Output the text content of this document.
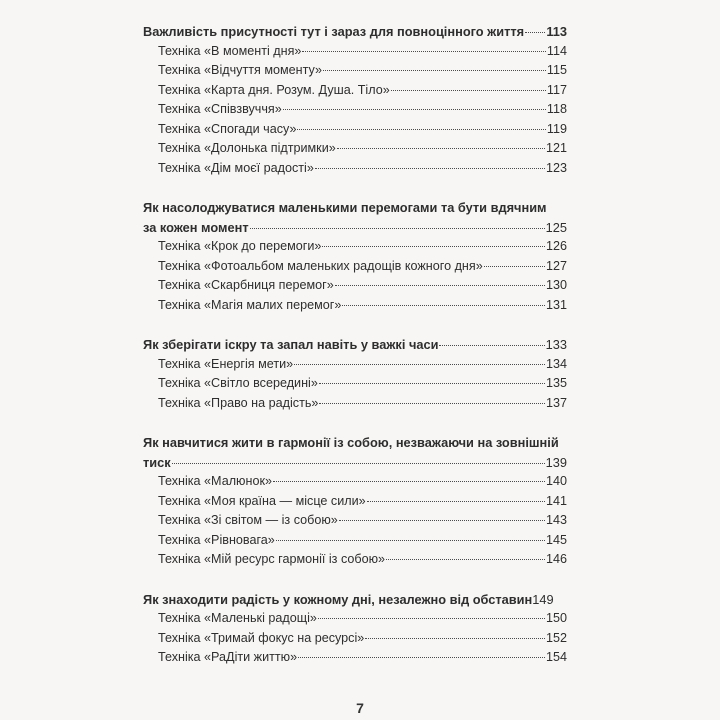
Важливість присутності тут і зараз для повноцінного життя 113
Техніка «В моменті дня»	114
Техніка «Відчуття моменту»	115
Техніка «Карта дня. Розум. Душа. Тіло»	117
Техніка «Співзвуччя»	118
Техніка «Спогади часу»	119
Техніка «Долонька підтримки»	121
Техніка «Дім моєї радості»	123
Як насолоджуватися маленькими перемогами та бути вдячним
за кожен момент	125
Техніка «Крок до перемоги»	126
Техніка «Фотоальбом маленьких радощів кожного дня»	127
Техніка «Скарбниця перемог»	130
Техніка «Магія малих перемог»	131
Як зберігати іскру та запал навіть у важкі часи	133
Техніка «Енергія мети»	134
Техніка «Світло всередині»	135
Техніка «Право на радість»	137
Як навчитися жити в гармонії із собою, незважаючи на зовнішній
тиск	139
Техніка «Малюнок»	140
Техніка «Моя країна — місце сили»	141
Техніка «Зі світом — із собою»	143
Техніка «Рівновага»	145
Техніка «Мій ресурс гармонії із собою»	146
Як знаходити радість у кожному дні, незалежно від обставин 149
Техніка «Маленькі радощі»	150
Техніка «Тримай фокус на ресурсі»	152
Техніка «РаДіти життю»	154
7
